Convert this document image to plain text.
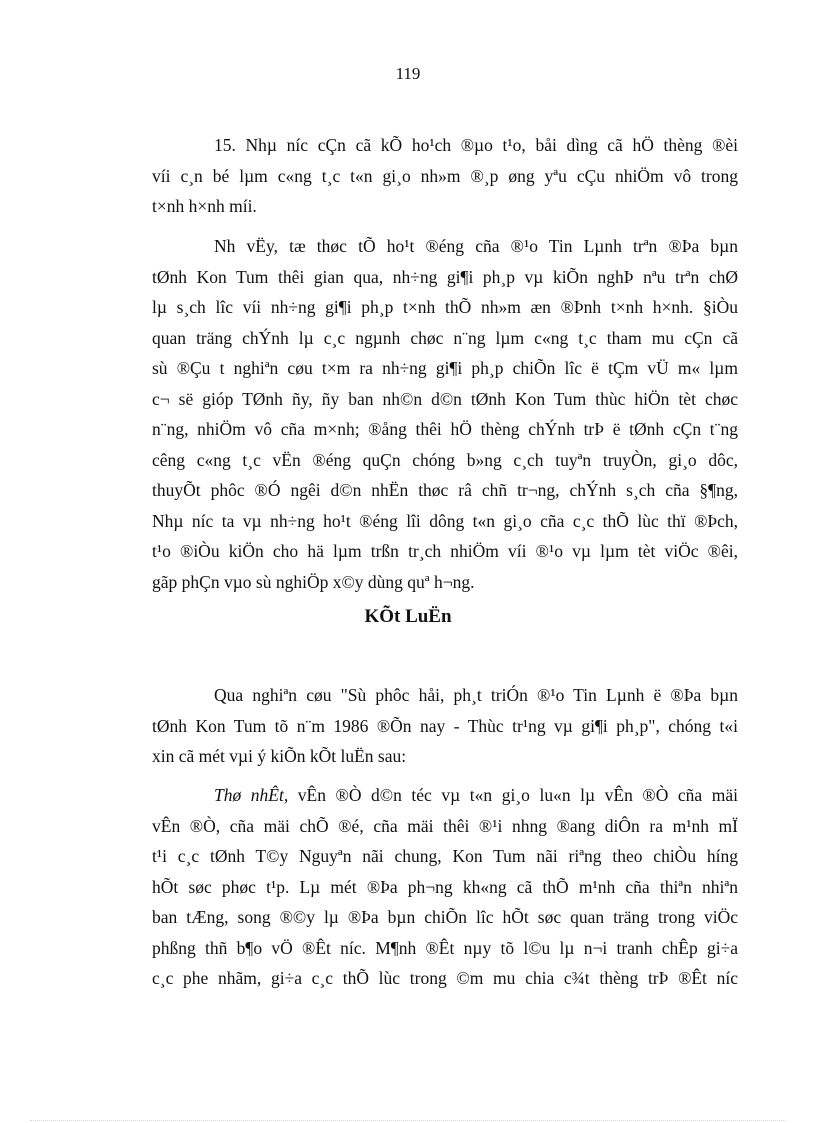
119
15. Nhµ níc cÇn cã kÕ ho¹ch ®µo t¹o, båi dìng cã hÖ thèng ®èi
víi c¸n bé lµm c«ng t¸c t«n gi¸o nh»m ®¸p øng yªu cÇu nhiÖm vô trong
t×nh h×nh míi.
Nh vËy, tæ thøc tÕ ho¹t ®éng cña ®¹o Tin Lµnh trªn ®Þa bµn
tØnh Kon Tum thêi gian qua, nh÷ng gi¶i ph¸p vµ kiÕn nghÞ nªu trªn chØ
lµ s¸ch lîc víi nh÷ng gi¶i ph¸p t×nh thÕ nh»m æn ®Þnh t×nh h×nh. §iÒu
quan träng chÝnh lµ c¸c ngµnh chøc n¨ng lµm c«ng t¸c tham mu cÇn cã
sù ®Çu t nghiªn cøu t×m ra nh÷ng gi¶i ph¸p chiÕn lîc ë tÇm vÜ m« lµm
c¬ së gióp TØnh ñy, ñy ban nh©n d©n tØnh Kon Tum thùc hiÖn tèt chøc
n¨ng, nhiÖm vô cña m×nh; ®ång thêi hÖ thèng chÝnh trÞ ë tØnh cÇn t¨ng
cêng c«ng t¸c vËn ®éng quÇn chóng b»ng c¸ch tuyªn truyÒn, gi¸o dôc,
thuyÕt phôc ®Ó ngêi d©n nhËn thøc râ chñ tr¬ng, chÝnh s¸ch cña §¶ng,
Nhµ níc ta vµ nh÷ng ho¹t ®éng lîi dông t«n gi¸o cña c¸c thÕ lùc thï ®Þch,
t¹o ®iÒu kiÖn cho hä lµm trßn tr¸ch nhiÖm víi ®¹o vµ lµm tèt viÖc ®êi,
gãp phÇn vµo sù nghiÖp x©y dùng quª h¬ng.
KÕt LuËn
Qua nghiªn cøu "Sù phôc håi, ph¸t triÓn ®¹o Tin Lµnh ë ®Þa bµn
tØnh Kon Tum tõ n¨m 1986 ®Õn nay - Thùc tr¹ng vµ gi¶i ph¸p", chóng t«i
xin cã mét vµi ý kiÕn kÕt luËn sau:
Thø nhÊt, vÊn ®Ò d©n téc vµ t«n gi¸o lu«n lµ vÊn ®Ò cña mäi
vÊn ®Ò, cña mäi chÕ ®é, cña mäi thêi ®¹i nhng ®ang diÔn ra m¹nh mÏ
t¹i c¸c tØnh T©y Nguyªn nãi chung, Kon Tum nãi riªng theo chiÒu híng
hÕt søc phøc t¹p. Lµ mét ®Þa ph¬ng kh«ng cã thÕ m¹nh cña thiªn nhiªn
ban tÆng, song ®©y lµ ®Þa bµn chiÕn lîc hÕt søc quan träng trong viÖc
phßng thñ b¶o vÖ ®Êt níc. M¶nh ®Êt nµy tõ l©u lµ n¬i tranh chÊp gi÷a
c¸c phe nhãm, gi÷a c¸c thÕ lùc trong ©m mu chia c¾t thèng trÞ ®Êt níc
